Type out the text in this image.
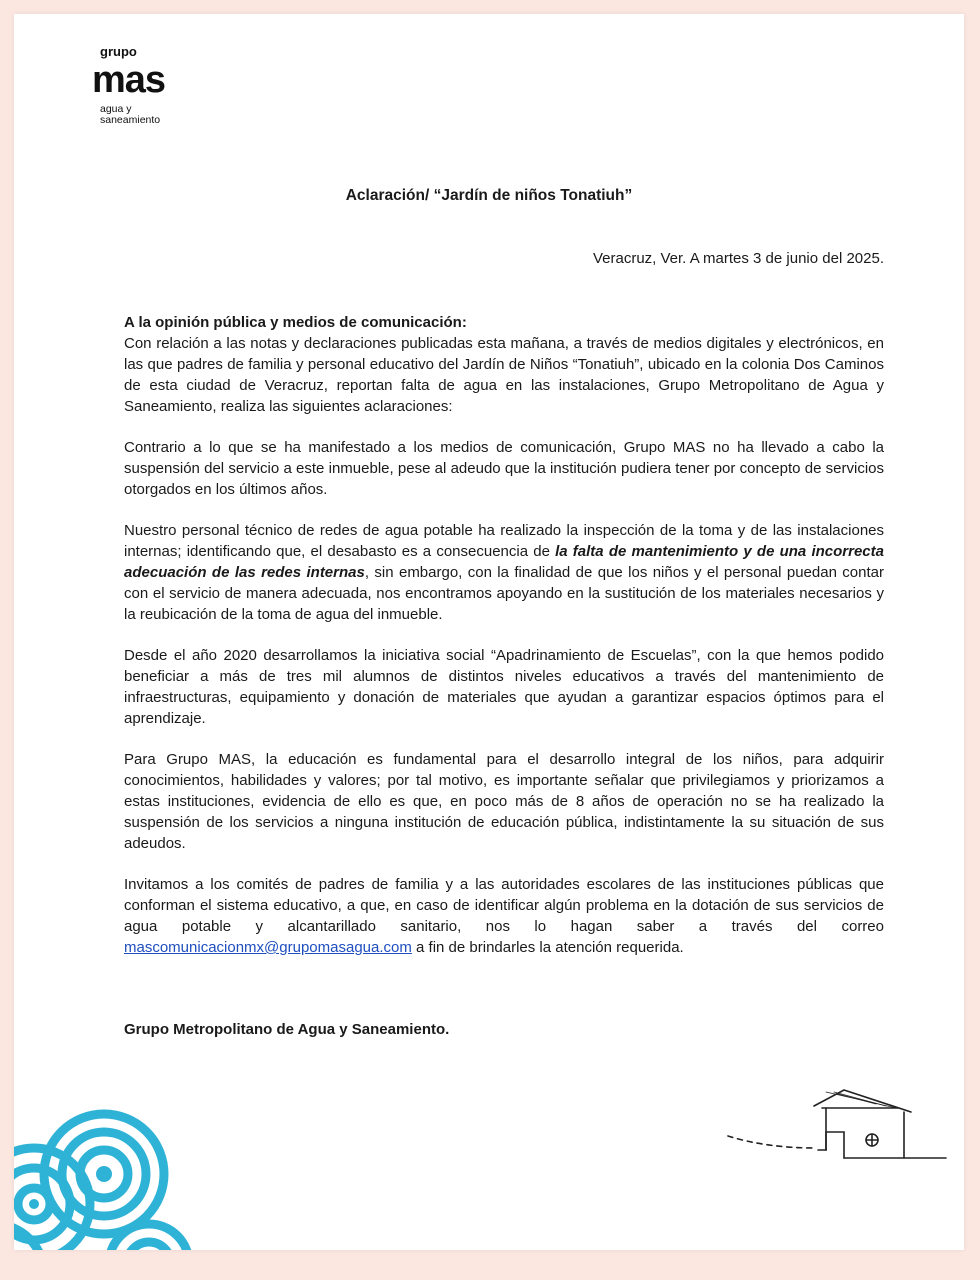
grupo
mas
agua y
saneamiento
Aclaración/ “Jardín de niños Tonatiuh”
Veracruz, Ver. A martes 3 de junio del 2025.

A la opinión pública y medios de comunicación:
Con relación a las notas y declaraciones publicadas esta mañana, a través de medios digitales y electrónicos, en las que padres de familia y personal educativo del Jardín de Niños “Tonatiuh”, ubicado en la colonia Dos Caminos de esta ciudad de Veracruz, reportan falta de agua en las instalaciones, Grupo Metropolitano de Agua y Saneamiento, realiza las siguientes aclaraciones:

Contrario a lo que se ha manifestado a los medios de comunicación, Grupo MAS no ha llevado a cabo la suspensión del servicio a este inmueble, pese al adeudo que la institución pudiera tener por concepto de servicios otorgados en los últimos años.

Nuestro personal técnico de redes de agua potable ha realizado la inspección de la toma y de las instalaciones internas; identificando que, el desabasto es a consecuencia de la falta de mantenimiento y de una incorrecta adecuación de las redes internas, sin embargo, con la finalidad de que los niños y el personal puedan contar con el servicio de manera adecuada, nos encontramos apoyando en la sustitución de los materiales necesarios y la reubicación de la toma de agua del inmueble.

Desde el año 2020 desarrollamos la iniciativa social “Apadrinamiento de Escuelas”, con la que hemos podido beneficiar a más de tres mil alumnos de distintos niveles educativos a través del mantenimiento de infraestructuras, equipamiento y donación de materiales que ayudan a garantizar espacios óptimos para el aprendizaje.

Para Grupo MAS, la educación es fundamental para el desarrollo integral de los niños, para adquirir conocimientos, habilidades y valores; por tal motivo, es importante señalar que privilegiamos y priorizamos a estas instituciones, evidencia de ello es que, en poco más de 8 años de operación no se ha realizado la suspensión de los servicios a ninguna institución de educación pública, indistintamente la su situación de sus adeudos.

Invitamos a los comités de padres de familia y a las autoridades escolares de las instituciones públicas que conforman el sistema educativo, a que, en caso de identificar algún problema en la dotación de sus servicios de agua potable y alcantarillado sanitario, nos lo hagan saber a través del correo mascomunicacionmx@grupomasagua.com a fin de brindarles la atención requerida.

Grupo Metropolitano de Agua y Saneamiento.
